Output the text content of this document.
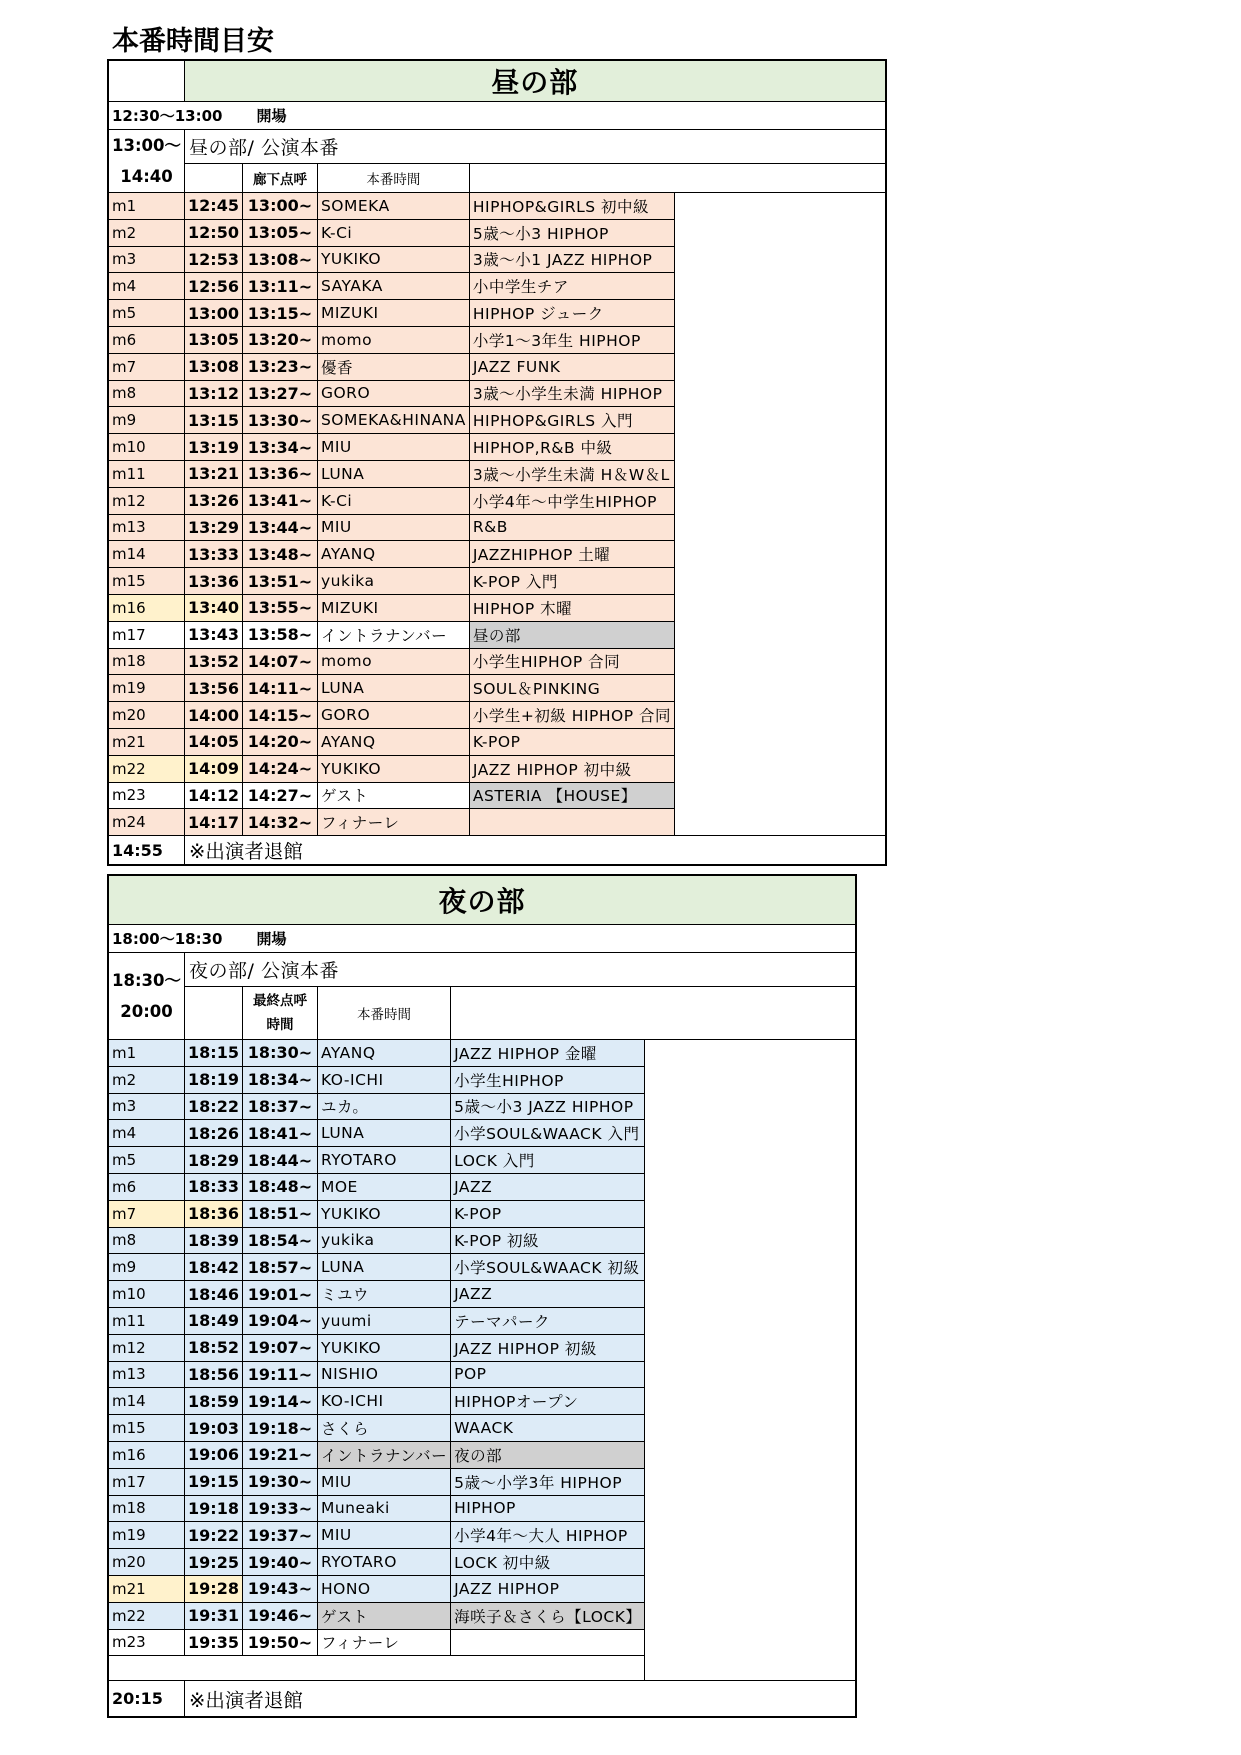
本番時間目安
	昼の部			
12:30〜13:00 開場				

13:00〜
14:40	昼の部/ 公演本番			
		廊下点呼	本番時間	
m1	12:45	13:00~	SOMEKA	HIPHOP&GIRLS 初中級
m2	12:50	13:05~	K-Ci	5歳〜小3 HIPHOP
m3	12:53	13:08~	YUKIKO	3歳〜小1 JAZZ HIPHOP
m4	12:56	13:11~	SAYAKA	小中学生チア
m5	13:00	13:15~	MIZUKI	HIPHOP ジューク
m6	13:05	13:20~	momo	小学1〜3年生 HIPHOP
m7	13:08	13:23~	優香	JAZZ FUNK
m8	13:12	13:27~	GORO	3歳〜小学生未満 HIPHOP
m9	13:15	13:30~	SOMEKA&HINANA	HIPHOP&GIRLS 入門
m10	13:19	13:34~	MIU	HIPHOP,R&B 中級
m11	13:21	13:36~	LUNA	3歳〜小学生未満 H＆W＆L
m12	13:26	13:41~	K-Ci	小学4年〜中学生HIPHOP
m13	13:29	13:44~	MIU	R&B
m14	13:33	13:48~	AYANQ	JAZZHIPHOP 土曜
m15	13:36	13:51~	yukika	K-POP 入門
m16	13:40	13:55~	MIZUKI	HIPHOP 木曜
m17	13:43	13:58~	イントラナンバー	昼の部
m18	13:52	14:07~	momo	小学生HIPHOP 合同
m19	13:56	14:11~	LUNA	SOUL＆PINKING
m20	14:00	14:15~	GORO	小学生+初級 HIPHOP 合同
m21	14:05	14:20~	AYANQ	K-POP
m22	14:09	14:24~	YUKIKO	JAZZ HIPHOP 初中級
m23	14:12	14:27~	ゲスト	ASTERIA 【HOUSE】
m24	14:17	14:32~	フィナーレ	
14:55	※出演者退館			
夜の部				
18:00〜18:30 開場				

18:30〜
20:00	夜の部/ 公演本番			

		最終点呼
時間	本番時間	
m1	18:15	18:30~	AYANQ	JAZZ HIPHOP 金曜
m2	18:19	18:34~	KO-ICHI	小学生HIPHOP
m3	18:22	18:37~	ユカ。	5歳〜小3 JAZZ HIPHOP
m4	18:26	18:41~	LUNA	小学SOUL&WAACK 入門
m5	18:29	18:44~	RYOTARO	LOCK 入門
m6	18:33	18:48~	MOE	JAZZ
m7	18:36	18:51~	YUKIKO	K-POP
m8	18:39	18:54~	yukika	K-POP 初級
m9	18:42	18:57~	LUNA	小学SOUL&WAACK 初級
m10	18:46	19:01~	ミユウ	JAZZ
m11	18:49	19:04~	yuumi	テーマパーク
m12	18:52	19:07~	YUKIKO	JAZZ HIPHOP 初級
m13	18:56	19:11~	NISHIO	POP
m14	18:59	19:14~	KO-ICHI	HIPHOPオープン
m15	19:03	19:18~	さくら	WAACK
m16	19:06	19:21~	イントラナンバー	夜の部
m17	19:15	19:30~	MIU	5歳〜小学3年 HIPHOP
m18	19:18	19:33~	Muneaki	HIPHOP
m19	19:22	19:37~	MIU	小学4年〜大人 HIPHOP
m20	19:25	19:40~	RYOTARO	LOCK 初中級
m21	19:28	19:43~	HONO	JAZZ HIPHOP
m22	19:31	19:46~	ゲスト	海咲子＆さくら【LOCK】
m23	19:35	19:50~	フィナーレ	

20:15	※出演者退館			
